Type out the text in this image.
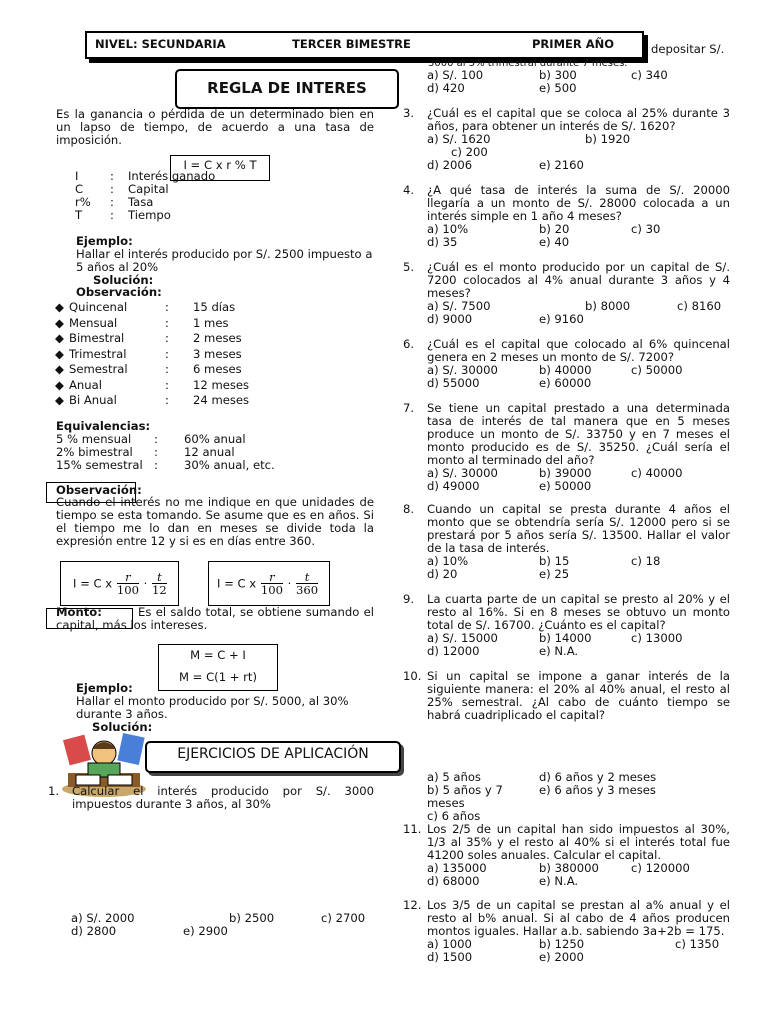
NIVEL: SECUNDARIA	TERCER BIMESTRE	PRIMER AÑO	depositar S/.
3000 al 5% trimestral durante 7 meses.
a) S/. 100	b) 300	c) 340
d) 420	e) 500
REGLA DE INTERES
Es la ganancia o pérdida de un determinado bien en un lapso de tiempo, de acuerdo a una tasa de imposición.
I = C x r % T
I	:	Interés ganado
C	:	Capital
r%	:	Tasa
T	:	Tiempo
Ejemplo:
Hallar el interés producido por S/. 2500 impuesto a 5 años al 20%
Solución:
Observación:
◆ Quincenal	:	15 días
◆ Mensual	:	1 mes
◆ Bimestral	:	2 meses
◆ Trimestral	:	3 meses
◆ Semestral	:	6 meses
◆ Anual	:	12 meses
◆ Bi Anual	:	24 meses
Equivalencias:
5 % mensual	:	60% anual
2% bimestral	:	12 anual
15% semestral :	30% anual, etc.
Observación:
Cuando el interés no me indique en que unidades de tiempo se esta tomando. Se asume que es en años. Si el tiempo me lo dan en meses se divide toda la expresión entre 12 y si es en días entre 360.
I = C x $\frac{r}{100} \cdot \frac{t}{12}$	I = C x $\frac{r}{100} \cdot \frac{t}{360}$
Monto:	Es el saldo total, se obtiene sumando el capital, más los intereses.
M = C + I
M = C(1 + rt)
Ejemplo:
Hallar el monto producido por S/. 5000, al 30% durante 3 años.
Solución:
EJERCICIOS DE APLICACIÓN
1.	Calcular el interés producido por S/. 3000 impuestos durante 3 años, al 30%
a) S/. 2000	b) 2500	c) 2700
d) 2800	e) 2900
3.	¿Cuál es el capital que se coloca al 25% durante 3 años, para obtener un interés de S/. 1620?
a) S/. 1620	b) 1920
c) 200
d) 2006	e) 2160
4.	¿A qué tasa de interés la suma de S/. 20000 llegaría a un monto de S/. 28000 colocada a un interés simple en 1 año 4 meses?
a) 10%	b) 20	c) 30
d) 35	e) 40
5.	¿Cuál es el monto producido por un capital de S/. 7200 colocados al 4% anual durante 3 años y 4 meses?
a) S/. 7500	b) 8000	c) 8160
d) 9000	e) 9160
6.	¿Cuál es el capital que colocado al 6% quincenal genera en 2 meses un monto de S/. 7200?
a) S/. 30000	b) 40000	c) 50000
d) 55000	e) 60000
7.	Se tiene un capital prestado a una determinada tasa de interés de tal manera que en 5 meses produce un monto de S/. 33750 y en 7 meses el monto producido es de S/. 35250. ¿Cuál sería el monto al terminado del año?
a) S/. 30000	b) 39000	c) 40000
d) 49000	e) 50000
8.	Cuando un capital se presta durante 4 años el monto que se obtendría sería S/. 12000 pero si se prestará por 5 años sería S/. 13500. Hallar el valor de la tasa de interés.
a) 10%	b) 15	c) 18
d) 20	e) 25
9.	La cuarta parte de un capital se presto al 20% y el resto al 16%. Si en 8 meses se obtuvo un monto total de S/. 16700. ¿Cuánto es el capital?
a) S/. 15000	b) 14000	c) 13000
d) 12000	e) N.A.
10. Si un capital se impone a ganar interés de la siguiente manera: el 20% al 40% anual, el resto al 25% semestral. ¿Al cabo de cuánto tiempo se habrá cuadriplicado el capital?
a) 5 años	d) 6 años y 2 meses
b) 5 años y 7 meses
e) 6 años y 3 meses
c) 6 años
11. Los 2/5 de un capital han sido impuestos al 30%, 1/3 al 35% y el resto al 40% si el interés total fue 41200 soles anuales. Calcular el capital.
a) 135000	b) 380000	c) 120000
d) 68000	e) N.A.
12. Los 3/5 de un capital se prestan al a% anual y el resto al b% anual. Si al cabo de 4 años producen montos iguales. Hallar a.b. sabiendo 3a+2b = 175.
a) 1000	b) 1250	c) 1350
d) 1500	e) 2000
